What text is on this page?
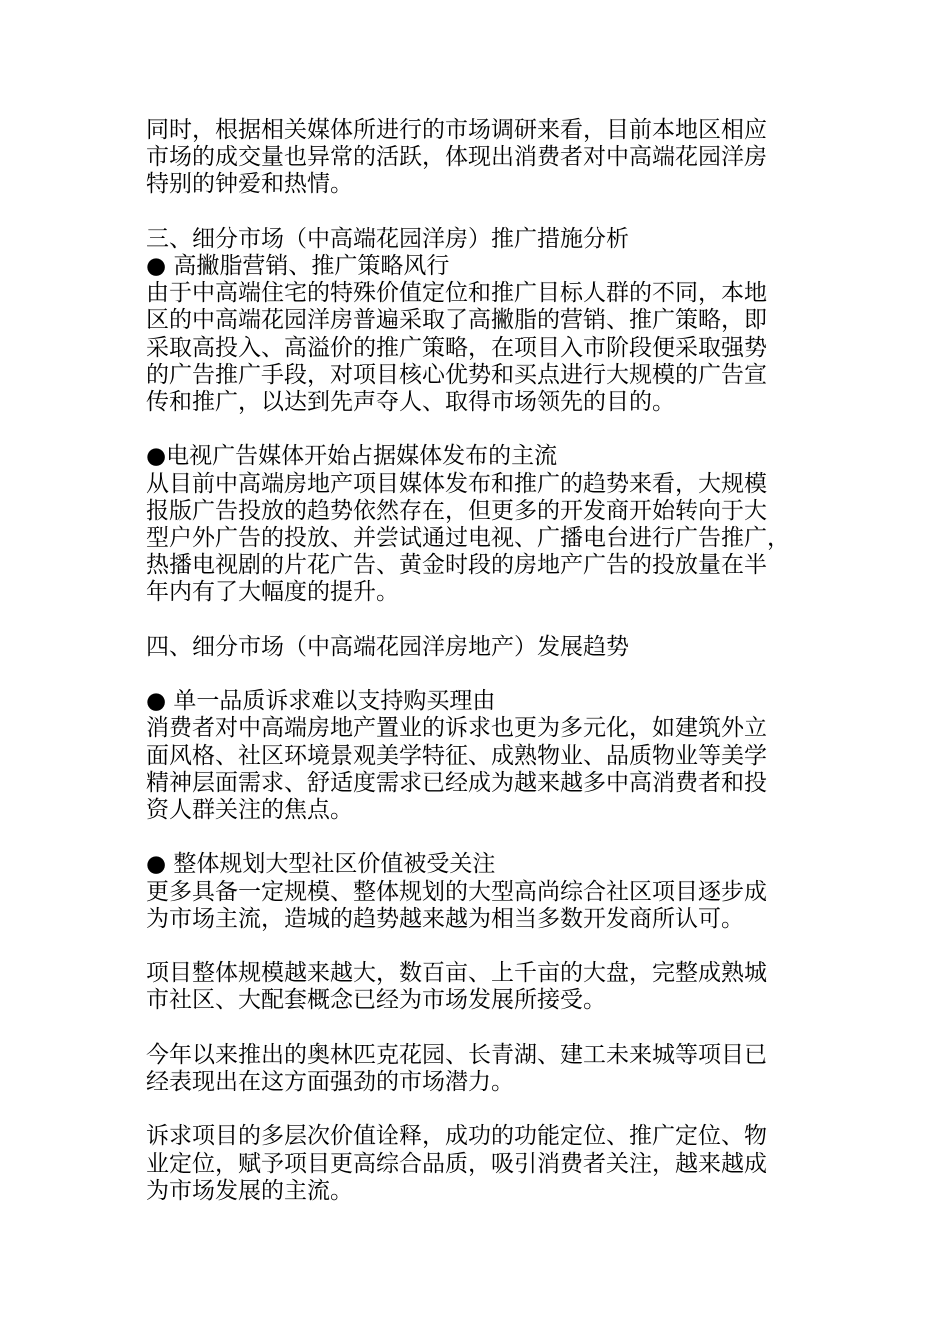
同时，根据相关媒体所进行的市场调研来看，目前本地区相应
市场的成交量也异常的活跃，体现出消费者对中高端花园洋房
特别的钟爱和热情。
三、细分市场（中高端花园洋房）推广措施分析
● 高撇脂营销、推广策略风行
由于中高端住宅的特殊价值定位和推广目标人群的不同，本地
区的中高端花园洋房普遍采取了高撇脂的营销、推广策略，即
采取高投入、高溢价的推广策略，在项目入市阶段便采取强势
的广告推广手段，对项目核心优势和买点进行大规模的广告宣
传和推广，以达到先声夺人、取得市场领先的目的。
●电视广告媒体开始占据媒体发布的主流
从目前中高端房地产项目媒体发布和推广的趋势来看，大规模
报版广告投放的趋势依然存在，但更多的开发商开始转向于大
型户外广告的投放、并尝试通过电视、广播电台进行广告推广，
热播电视剧的片花广告、黄金时段的房地产广告的投放量在半
年内有了大幅度的提升。
四、细分市场（中高端花园洋房地产）发展趋势
● 单一品质诉求难以支持购买理由
消费者对中高端房地产置业的诉求也更为多元化，如建筑外立
面风格、社区环境景观美学特征、成熟物业、品质物业等美学
精神层面需求、舒适度需求已经成为越来越多中高消费者和投
资人群关注的焦点。
● 整体规划大型社区价值被受关注
更多具备一定规模、整体规划的大型高尚综合社区项目逐步成
为市场主流，造城的趋势越来越为相当多数开发商所认可。
项目整体规模越来越大，数百亩、上千亩的大盘，完整成熟城
市社区、大配套概念已经为市场发展所接受。
今年以来推出的奥林匹克花园、长青湖、建工未来城等项目已
经表现出在这方面强劲的市场潜力。
诉求项目的多层次价值诠释，成功的功能定位、推广定位、物
业定位，赋予项目更高综合品质，吸引消费者关注，越来越成
为市场发展的主流。
